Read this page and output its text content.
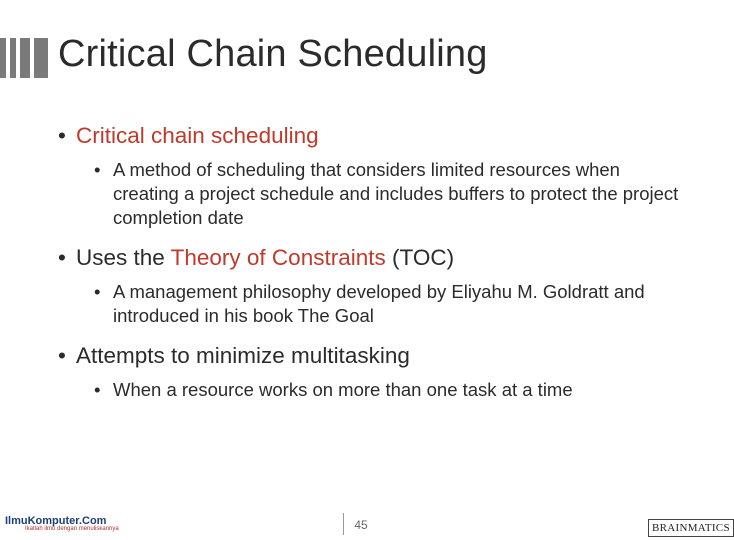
Critical Chain Scheduling
• Critical chain scheduling
• A method of scheduling that considers limited resources when creating a project schedule and includes buffers to protect the project completion date
• Uses the Theory of Constraints (TOC)
• A management philosophy developed by Eliyahu M. Goldratt and introduced in his book The Goal
• Attempts to minimize multitasking
• When a resource works on more than one task at a time
IlmuKomputer.Com
Ikatlah ilmu dengan menuliskannya	45	BRAINMATICS
